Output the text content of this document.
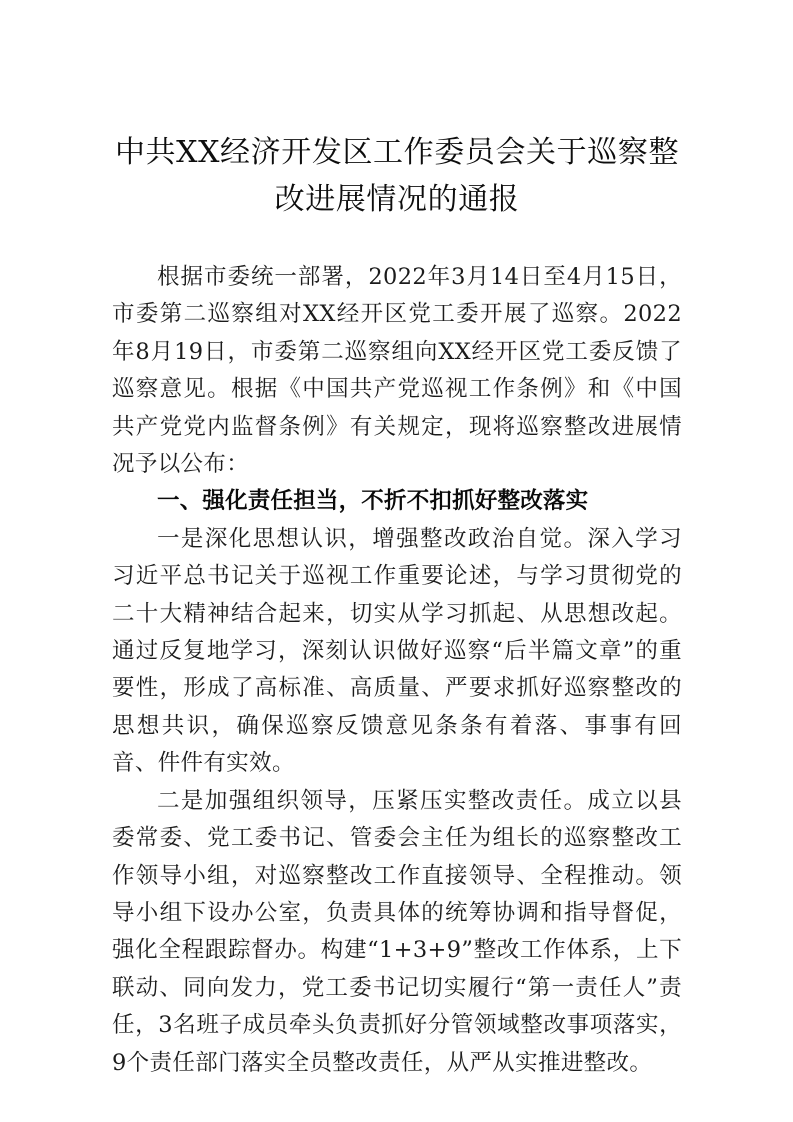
中共XX经济开发区工作委员会关于巡察整
改进展情况的通报

根据市委统一部署，2022年3月14日至4月15日，市委第二巡察组对XX经开区党工委开展了巡察。2022年8月19日，市委第二巡察组向XX经开区党工委反馈了巡察意见。根据《中国共产党巡视工作条例》和《中国共产党党内监督条例》有关规定，现将巡察整改进展情况予以公布：

一、强化责任担当，不折不扣抓好整改落实

一是深化思想认识，增强整改政治自觉。深入学习习近平总书记关于巡视工作重要论述，与学习贯彻党的二十大精神结合起来，切实从学习抓起、从思想改起。通过反复地学习，深刻认识做好巡察“后半篇文章”的重要性，形成了高标准、高质量、严要求抓好巡察整改的思想共识，确保巡察反馈意见条条有着落、事事有回音、件件有实效。

二是加强组织领导，压紧压实整改责任。成立以县委常委、党工委书记、管委会主任为组长的巡察整改工作领导小组，对巡察整改工作直接领导、全程推动。领导小组下设办公室，负责具体的统筹协调和指导督促，强化全程跟踪督办。构建“1+3+9”整改工作体系，上下联动、同向发力，党工委书记切实履行“第一责任人”责任，3名班子成员牵头负责抓好分管领域整改事项落实，9个责任部门落实全员整改责任，从严从实推进整改。
